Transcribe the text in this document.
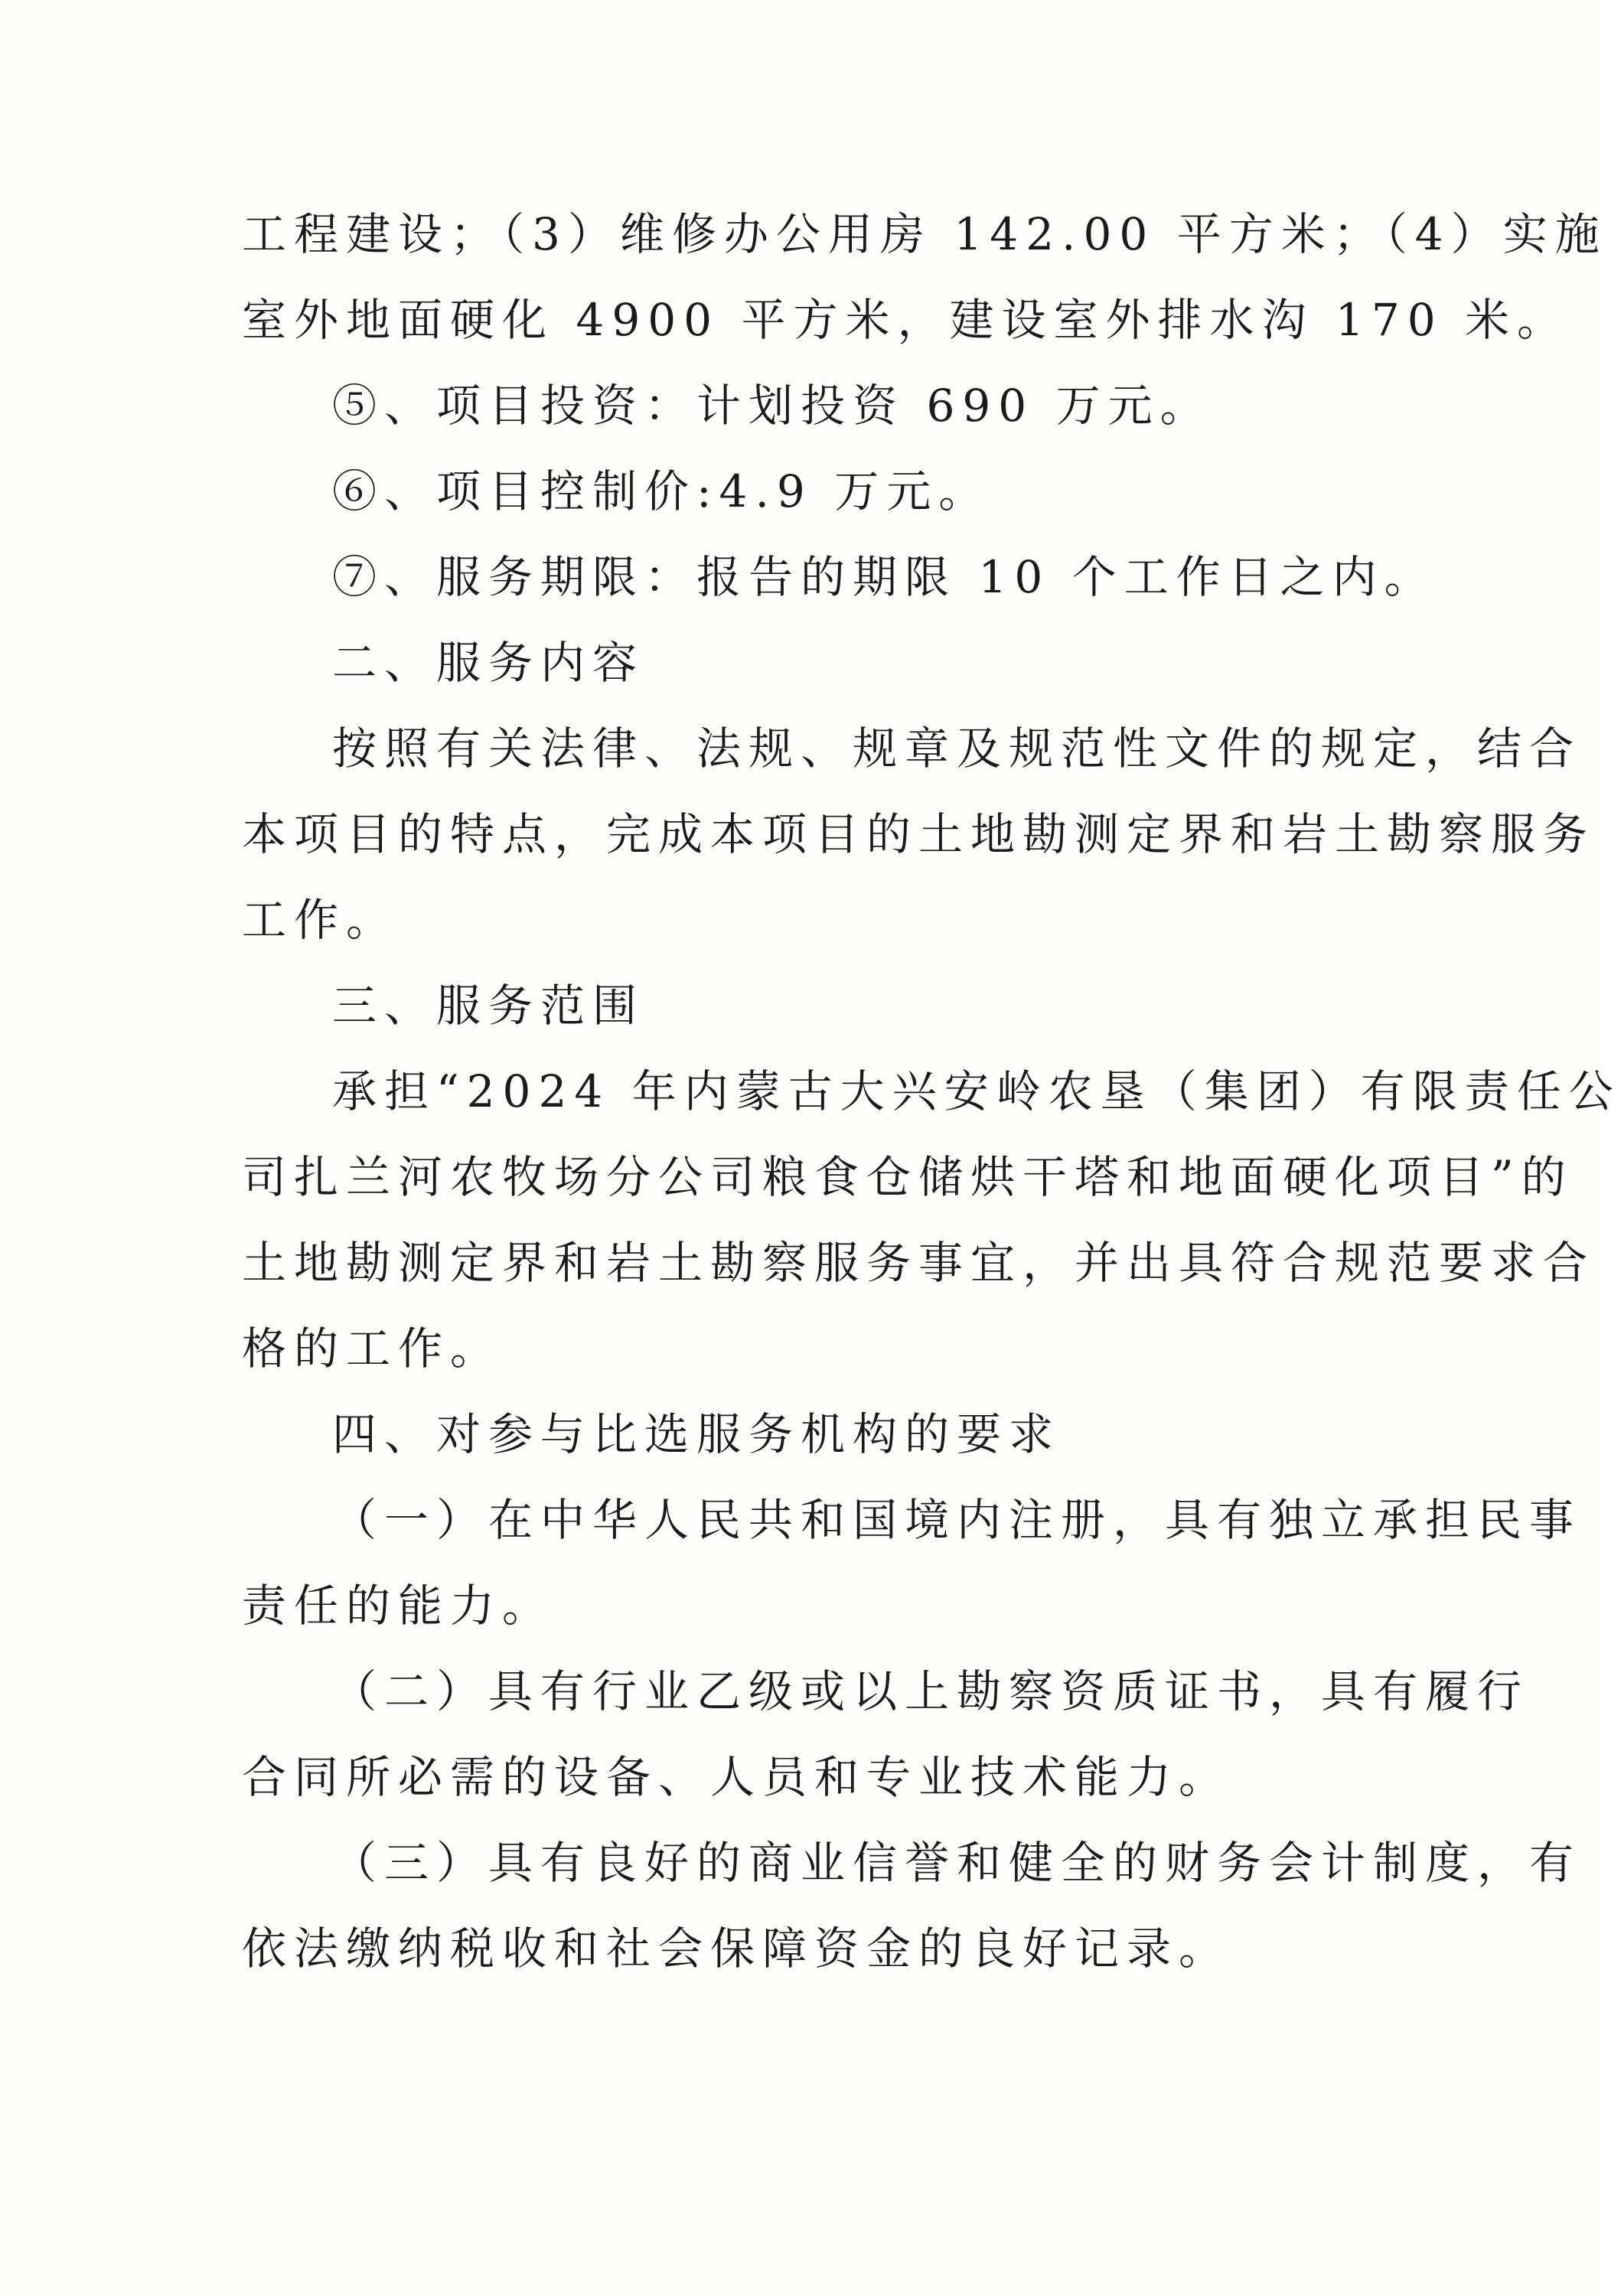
工程建设；（3）维修办公用房 142.00 平方米；（4）实施
室外地面硬化 4900 平方米，建设室外排水沟 170 米。
⑤、项目投资：计划投资 690 万元。
⑥、项目控制价:4.9 万元。
⑦、服务期限：报告的期限 10 个工作日之内。
二、服务内容
按照有关法律、法规、规章及规范性文件的规定，结合
本项目的特点，完成本项目的土地勘测定界和岩土勘察服务
工作。
三、服务范围
承担“2024 年内蒙古大兴安岭农垦（集团）有限责任公
司扎兰河农牧场分公司粮食仓储烘干塔和地面硬化项目”的
土地勘测定界和岩土勘察服务事宜，并出具符合规范要求合
格的工作。
四、对参与比选服务机构的要求
（一）在中华人民共和国境内注册，具有独立承担民事
责任的能力。
（二）具有行业乙级或以上勘察资质证书，具有履行
合同所必需的设备、人员和专业技术能力。
（三）具有良好的商业信誉和健全的财务会计制度，有
依法缴纳税收和社会保障资金的良好记录。
